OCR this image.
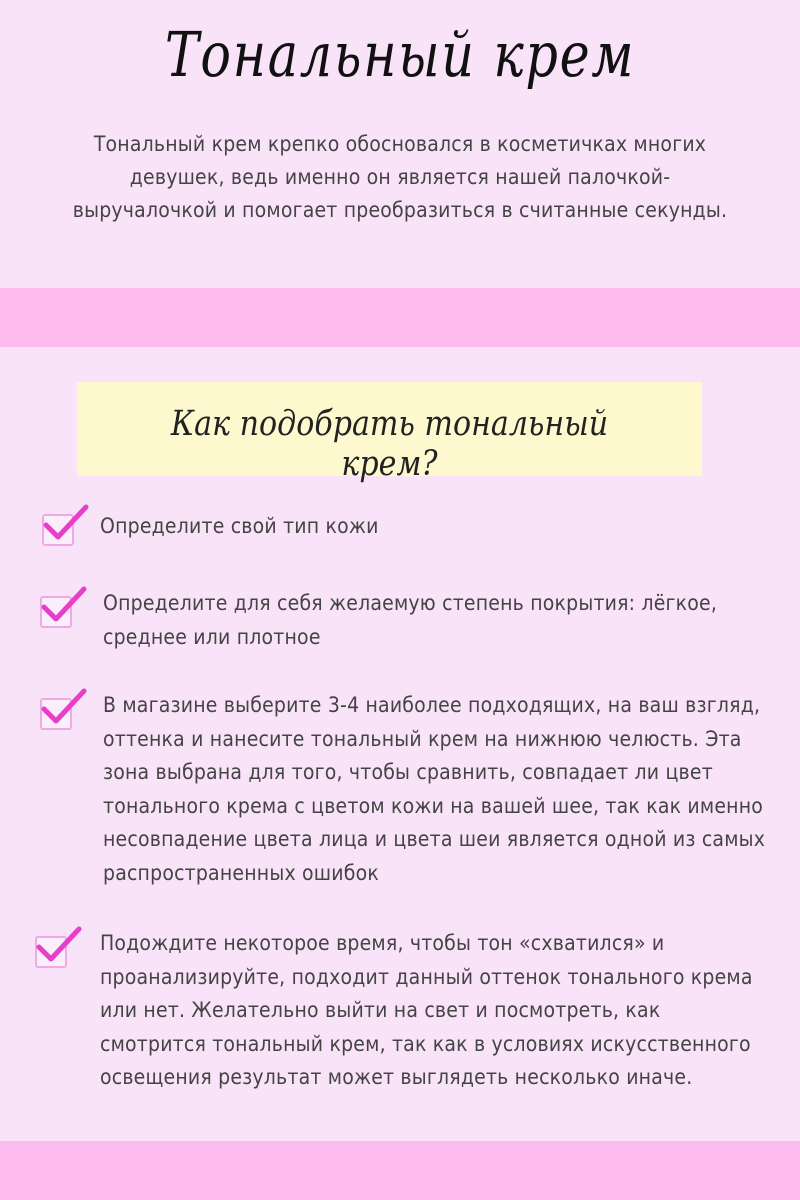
Тональный крем
Тональный крем крепко обосновался в косметичках многих девушек, ведь именно он является нашей палочкой-выручалочкой и помогает преобразиться в считанные секунды.
Как подобрать тональный крем?
Определите свой тип кожи
Определите для себя желаемую степень покрытия: лёгкое, среднее или плотное
В магазине выберите 3-4 наиболее подходящих, на ваш взгляд, оттенка и нанесите тональный крем на нижнюю челюсть. Эта зона выбрана для того, чтобы сравнить, совпадает ли цвет тонального крема с цветом кожи на вашей шее, так как именно несовпадение цвета лица и цвета шеи является одной из самых распространенных ошибок
Подождите некоторое время, чтобы тон «схватился» и проанализируйте, подходит данный оттенок тонального крема или нет. Желательно выйти на свет и посмотреть, как смотрится тональный крем, так как в условиях искусственного освещения результат может выглядеть несколько иначе.
